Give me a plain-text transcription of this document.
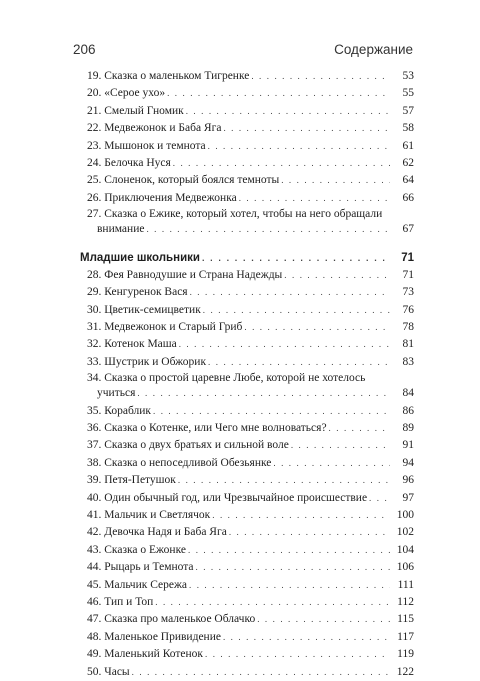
206	Содержание
19. Сказка о маленьком Тигренке . . .	53
20. «Серое ухо» . . .	55
21. Смелый Гномик . . .	57
22. Медвежонок и Баба Яга . . .	58
23. Мышонок и темнота . . .	61
24. Белочка Нуся . . .	62
25. Слоненок, который боялся темноты . . .	64
26. Приключения Медвежонка . . .	66
27. Сказка о Ежике, который хотел, чтобы на него обращали
внимание . . .	67
Младшие школьники . . .	71
28. Фея Равнодушие и Страна Надежды . . .	71
29. Кенгуренок Вася . . .	73
30. Цветик-семицветик . . .	76
31. Медвежонок и Старый Гриб . . .	78
32. Котенок Маша . . .	81
33. Шустрик и Обжорик . . .	83
34. Сказка о простой царевне Любе, которой не хотелось
учиться . . .	84
35. Кораблик . . .	86
36. Сказка о Котенке, или Чего мне волноваться? . . .	89
37. Сказка о двух братьях и сильной воле . . .	91
38. Сказка о непоседливой Обезьянке . . .	94
39. Петя-Петушок . . .	96
40. Один обычный год, или Чрезвычайное происшествие . . .	97
41. Мальчик и Светлячок . . .	100
42. Девочка Надя и Баба Яга . . .	102
43. Сказка о Ежонке . . .	104
44. Рыцарь и Темнота . . .	106
45. Мальчик Сережа . . .	111
46. Тип и Топ . . .	112
47. Сказка про маленькое Облачко . . .	115
48. Маленькое Привидение . . .	117
49. Маленький Котенок . . .	119
50. Часы . . .	122
